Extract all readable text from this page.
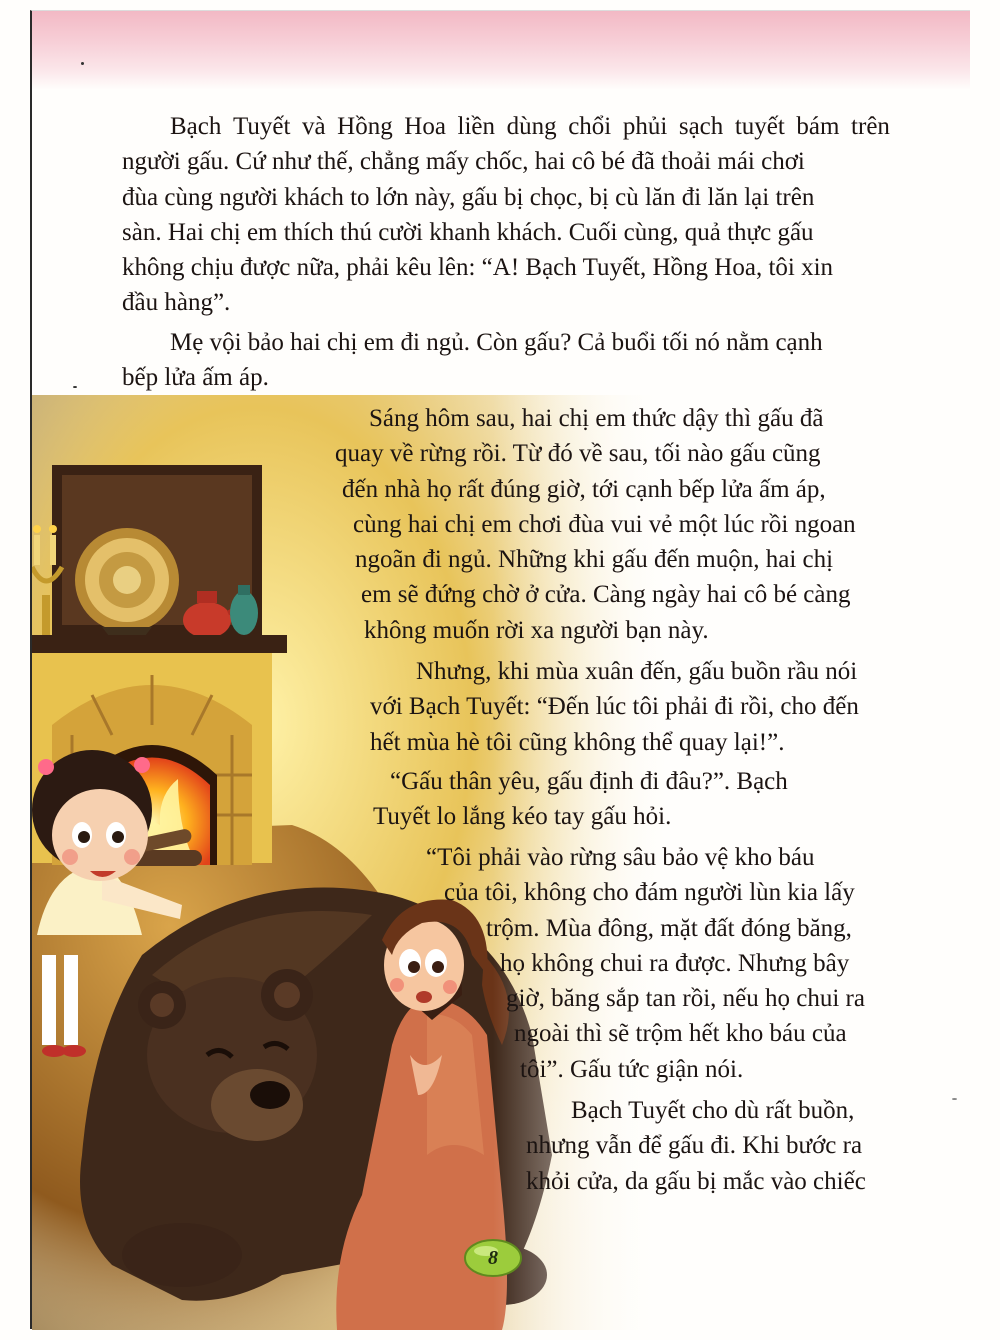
Bạch Tuyết và Hồng Hoa liền dùng chổi phủi sạch tuyết bám trên
người gấu. Cứ như thế, chẳng mấy chốc, hai cô bé đã thoải mái chơi
đùa cùng người khách to lớn này, gấu bị chọc, bị cù lăn đi lăn lại trên
sàn. Hai chị em thích thú cười khanh khách. Cuối cùng, quả thực gấu
không chịu được nữa, phải kêu lên: “A! Bạch Tuyết, Hồng Hoa, tôi xin
đầu hàng”.
Mẹ vội bảo hai chị em đi ngủ. Còn gấu? Cả buổi tối nó nằm cạnh
bếp lửa ấm áp.
Sáng hôm sau, hai chị em thức dậy thì gấu đã
quay về rừng rồi. Từ đó về sau, tối nào gấu cũng
đến nhà họ rất đúng giờ, tới cạnh bếp lửa ấm áp,
cùng hai chị em chơi đùa vui vẻ một lúc rồi ngoan
ngoãn đi ngủ. Những khi gấu đến muộn, hai chị
em sẽ đứng chờ ở cửa. Càng ngày hai cô bé càng
không muốn rời xa người bạn này.
Nhưng, khi mùa xuân đến, gấu buồn rầu nói
với Bạch Tuyết: “Đến lúc tôi phải đi rồi, cho đến
hết mùa hè tôi cũng không thể quay lại!”.
“Gấu thân yêu, gấu định đi đâu?”. Bạch
Tuyết lo lắng kéo tay gấu hỏi.
“Tôi phải vào rừng sâu bảo vệ kho báu
của tôi, không cho đám người lùn kia lấy
trộm. Mùa đông, mặt đất đóng băng,
họ không chui ra được. Nhưng bây
giờ, băng sắp tan rồi, nếu họ chui ra
ngoài thì sẽ trộm hết kho báu của
tôi”. Gấu tức giận nói.
Bạch Tuyết cho dù rất buồn,
nhưng vẫn để gấu đi. Khi bước ra
khỏi cửa, da gấu bị mắc vào chiếc
8
